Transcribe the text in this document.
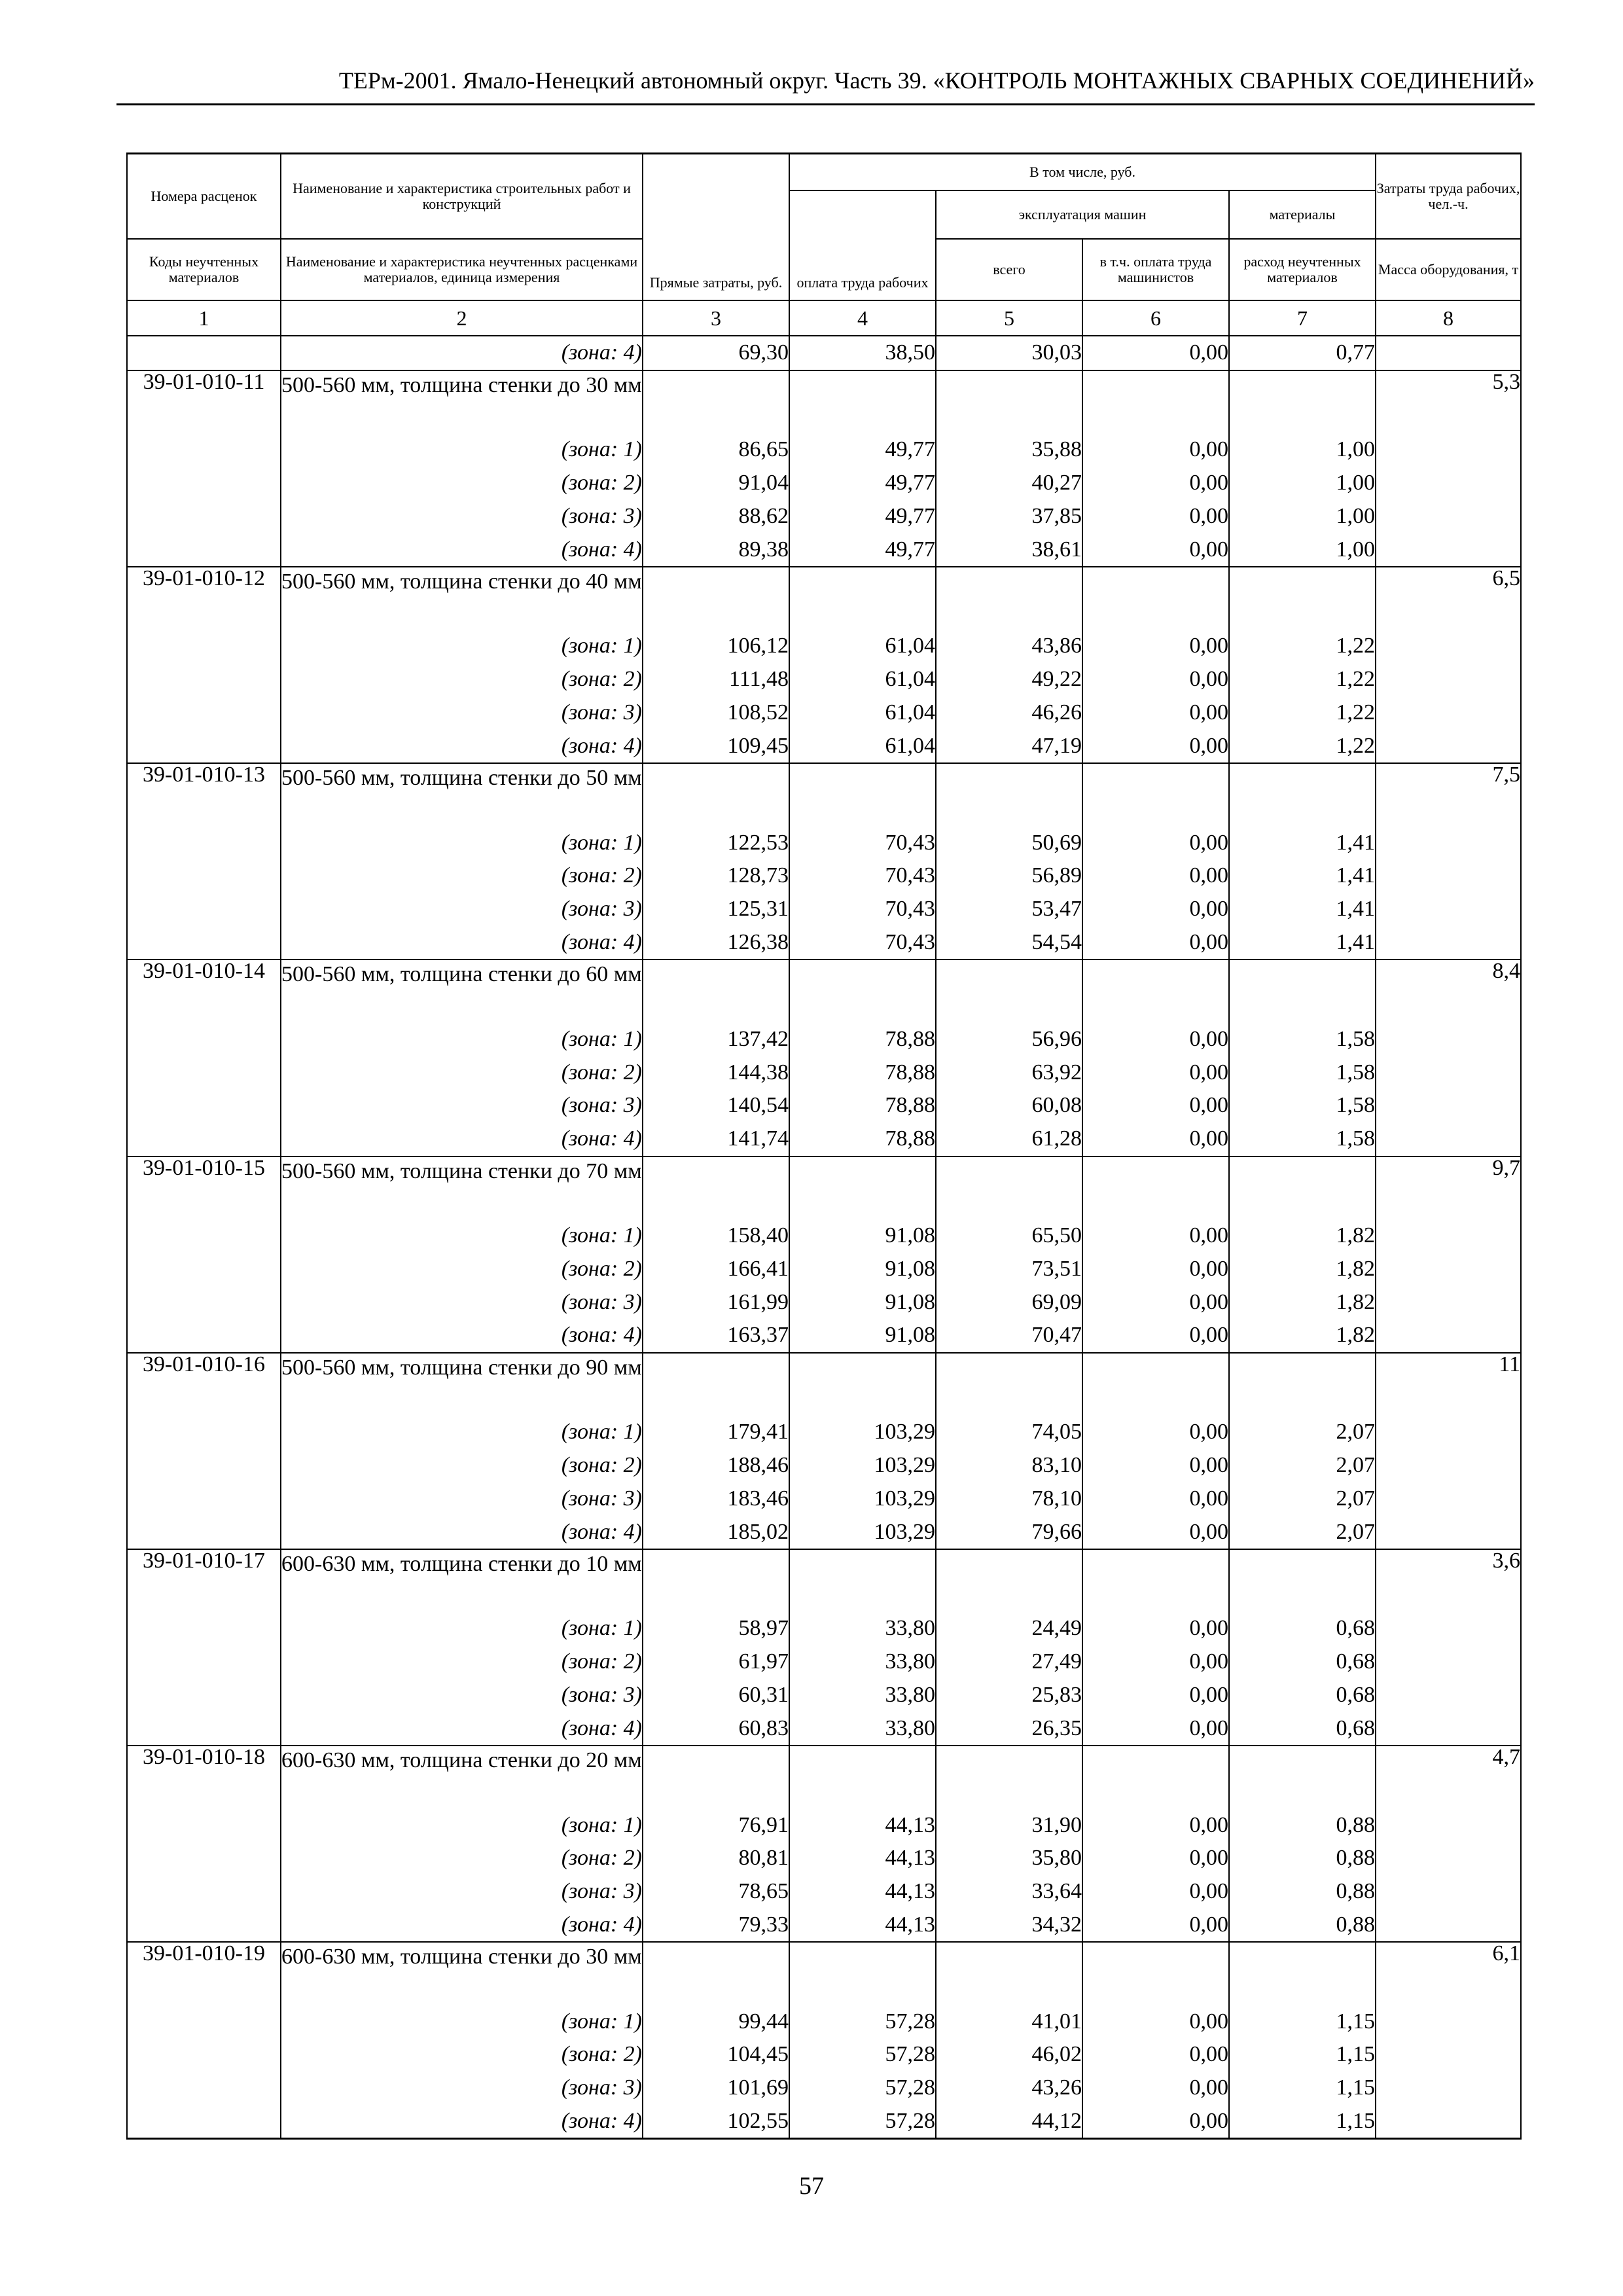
ТЕРм-2001. Ямало-Ненецкий автономный округ. Часть 39. «КОНТРОЛЬ МОНТАЖНЫХ СВАРНЫХ СОЕДИНЕНИЙ»
Номера расценок	Наименование и характеристика строительных работ и конструкций	Прямые затраты, руб.	В том числе, руб.				Затраты труда рабочих, чел.-ч.
			оплата труда рабочих	эксплуатация машин		материалы	
Коды неучтенных материалов	Наименование и характеристика неучтенных расценками материалов, единица измерения			всего	в т.ч. оплата труда машинистов	расход неучтенных материалов	Масса оборудования, т
1	2	3	4	5	6	7	8
	(зона: 4)	69,30	38,50	30,03	0,00	0,77	
39-01-010-11	500-560 мм, толщина стенки до 30 мм						5,3
	(зона: 1)	86,65	49,77	35,88	0,00	1,00	
	(зона: 2)	91,04	49,77	40,27	0,00	1,00	
	(зона: 3)	88,62	49,77	37,85	0,00	1,00	
	(зона: 4)	89,38	49,77	38,61	0,00	1,00	
39-01-010-12	500-560 мм, толщина стенки до 40 мм						6,5
	(зона: 1)	106,12	61,04	43,86	0,00	1,22	
	(зона: 2)	111,48	61,04	49,22	0,00	1,22	
	(зона: 3)	108,52	61,04	46,26	0,00	1,22	
	(зона: 4)	109,45	61,04	47,19	0,00	1,22	
39-01-010-13	500-560 мм, толщина стенки до 50 мм						7,5
	(зона: 1)	122,53	70,43	50,69	0,00	1,41	
	(зона: 2)	128,73	70,43	56,89	0,00	1,41	
	(зона: 3)	125,31	70,43	53,47	0,00	1,41	
	(зона: 4)	126,38	70,43	54,54	0,00	1,41	
39-01-010-14	500-560 мм, толщина стенки до 60 мм						8,4
	(зона: 1)	137,42	78,88	56,96	0,00	1,58	
	(зона: 2)	144,38	78,88	63,92	0,00	1,58	
	(зона: 3)	140,54	78,88	60,08	0,00	1,58	
	(зона: 4)	141,74	78,88	61,28	0,00	1,58	
39-01-010-15	500-560 мм, толщина стенки до 70 мм						9,7
	(зона: 1)	158,40	91,08	65,50	0,00	1,82	
	(зона: 2)	166,41	91,08	73,51	0,00	1,82	
	(зона: 3)	161,99	91,08	69,09	0,00	1,82	
	(зона: 4)	163,37	91,08	70,47	0,00	1,82	
39-01-010-16	500-560 мм, толщина стенки до 90 мм						11
	(зона: 1)	179,41	103,29	74,05	0,00	2,07	
	(зона: 2)	188,46	103,29	83,10	0,00	2,07	
	(зона: 3)	183,46	103,29	78,10	0,00	2,07	
	(зона: 4)	185,02	103,29	79,66	0,00	2,07	
39-01-010-17	600-630 мм, толщина стенки до 10 мм						3,6
	(зона: 1)	58,97	33,80	24,49	0,00	0,68	
	(зона: 2)	61,97	33,80	27,49	0,00	0,68	
	(зона: 3)	60,31	33,80	25,83	0,00	0,68	
	(зона: 4)	60,83	33,80	26,35	0,00	0,68	
39-01-010-18	600-630 мм, толщина стенки до 20 мм						4,7
	(зона: 1)	76,91	44,13	31,90	0,00	0,88	
	(зона: 2)	80,81	44,13	35,80	0,00	0,88	
	(зона: 3)	78,65	44,13	33,64	0,00	0,88	
	(зона: 4)	79,33	44,13	34,32	0,00	0,88	
39-01-010-19	600-630 мм, толщина стенки до 30 мм						6,1
	(зона: 1)	99,44	57,28	41,01	0,00	1,15	
	(зона: 2)	104,45	57,28	46,02	0,00	1,15	
	(зона: 3)	101,69	57,28	43,26	0,00	1,15	
	(зона: 4)	102,55	57,28	44,12	0,00	1,15	
57
